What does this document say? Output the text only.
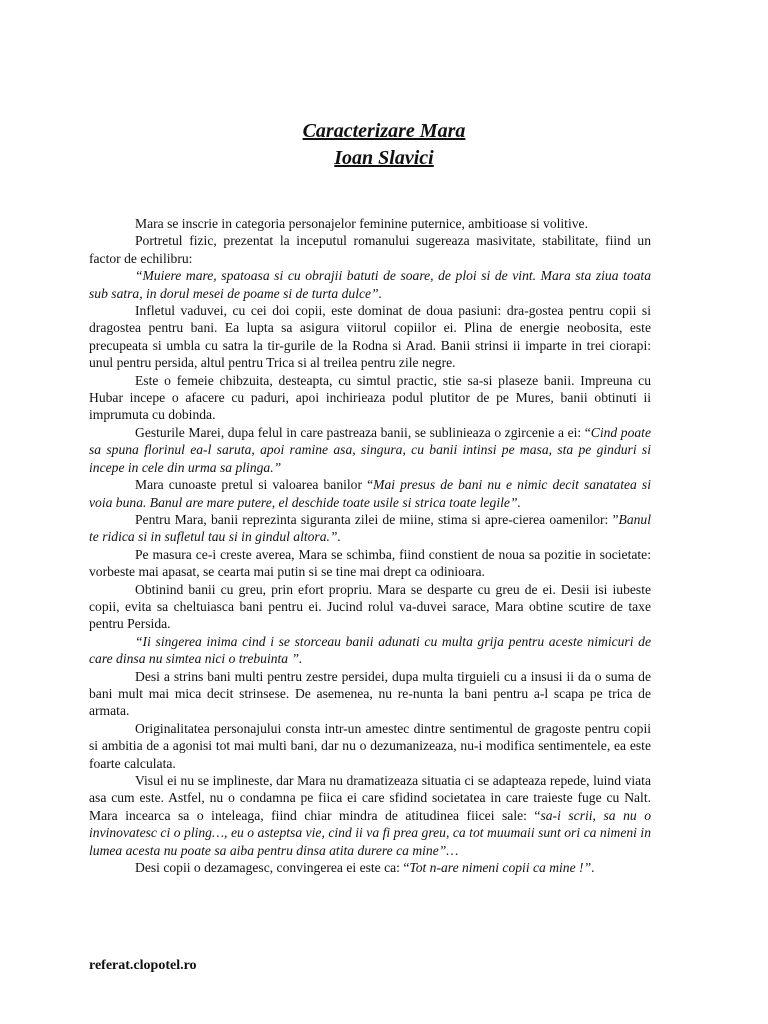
Caracterizare Mara
Ioan Slavici

Mara se inscrie in categoria personajelor feminine puternice, ambitioase si volitive.

Portretul fizic, prezentat la inceputul romanului sugereaza masivitate, stabilitate, fiind un factor de echilibru:

“Muiere mare, spatoasa si cu obrajii batuti de soare, de ploi si de vint. Mara sta ziua toata sub satra, in dorul mesei de poame si de turta dulce”.

Infletul vaduvei, cu cei doi copii, este dominat de doua pasiuni: dra-gostea pentru copii si dragostea pentru bani. Ea lupta sa asigura viitorul copiilor ei. Plina de energie neobosita, este precupeata si umbla cu satra la tir-gurile de la Rodna si Arad. Banii strinsi ii imparte in trei ciorapi: unul pentru persida, altul pentru Trica si al treilea pentru zile negre.

Este o femeie chibzuita, desteapta, cu simtul practic, stie sa-si plaseze banii. Impreuna cu Hubar incepe o afacere cu paduri, apoi inchirieaza podul plutitor de pe Mures, banii obtinuti ii imprumuta cu dobinda.

Gesturile Marei, dupa felul in care pastreaza banii, se sublinieaza o zgircenie a ei: “Cind poate sa spuna florinul ea-l saruta, apoi ramine asa, singura, cu banii intinsi pe masa, sta pe ginduri si incepe in cele din urma sa plinga.”

Mara cunoaste pretul si valoarea banilor “Mai presus de bani nu e nimic decit sanatatea si voia buna. Banul are mare putere, el deschide toate usile si strica toate legile”.

Pentru Mara, banii reprezinta siguranta zilei de miine, stima si apre-cierea oamenilor: ”Banul te ridica si in sufletul tau si in gindul altora.”.

Pe masura ce-i creste averea, Mara se schimba, fiind constient de noua sa pozitie in societate: vorbeste mai apasat, se cearta mai putin si se tine mai drept ca odinioara.

Obtinind banii cu greu, prin efort propriu. Mara se desparte cu greu de ei. Desii isi iubeste copii, evita sa cheltuiasca bani pentru ei. Jucind rolul va-duvei sarace, Mara obtine scutire de taxe pentru Persida.

“Ii singerea inima cind i se storceau banii adunati cu multa grija pentru aceste nimicuri de care dinsa nu simtea nici o trebuinta ”.

Desi a strins bani multi pentru zestre persidei, dupa multa tirguieli cu a insusi ii da o suma de bani mult mai mica decit strinsese. De asemenea, nu re-nunta la bani pentru a-l scapa pe trica de armata.

Originalitatea personajului consta intr-un amestec dintre sentimentul de gragoste pentru copii si ambitia de a agonisi tot mai multi bani, dar nu o dezumanizeaza, nu-i modifica sentimentele, ea este foarte calculata.

Visul ei nu se implineste, dar Mara nu dramatizeaza situatia ci se adapteaza repede, luind viata asa cum este. Astfel, nu o condamna pe fiica ei care sfidind societatea in care traieste fuge cu Nalt. Mara incearca sa o inteleaga, fiind chiar mindra de atitudinea fiicei sale: “sa-i scrii, sa nu o invinovatesc ci o pling…, eu o asteptsa vie, cind ii va fi prea greu, ca tot muumaii sunt ori ca nimeni in lumea acesta nu poate sa aiba pentru dinsa atita durere ca mine”…

Desi copii o dezamagesc, convingerea ei este ca: “Tot n-are nimeni copii ca mine !”.

referat.clopotel.ro
